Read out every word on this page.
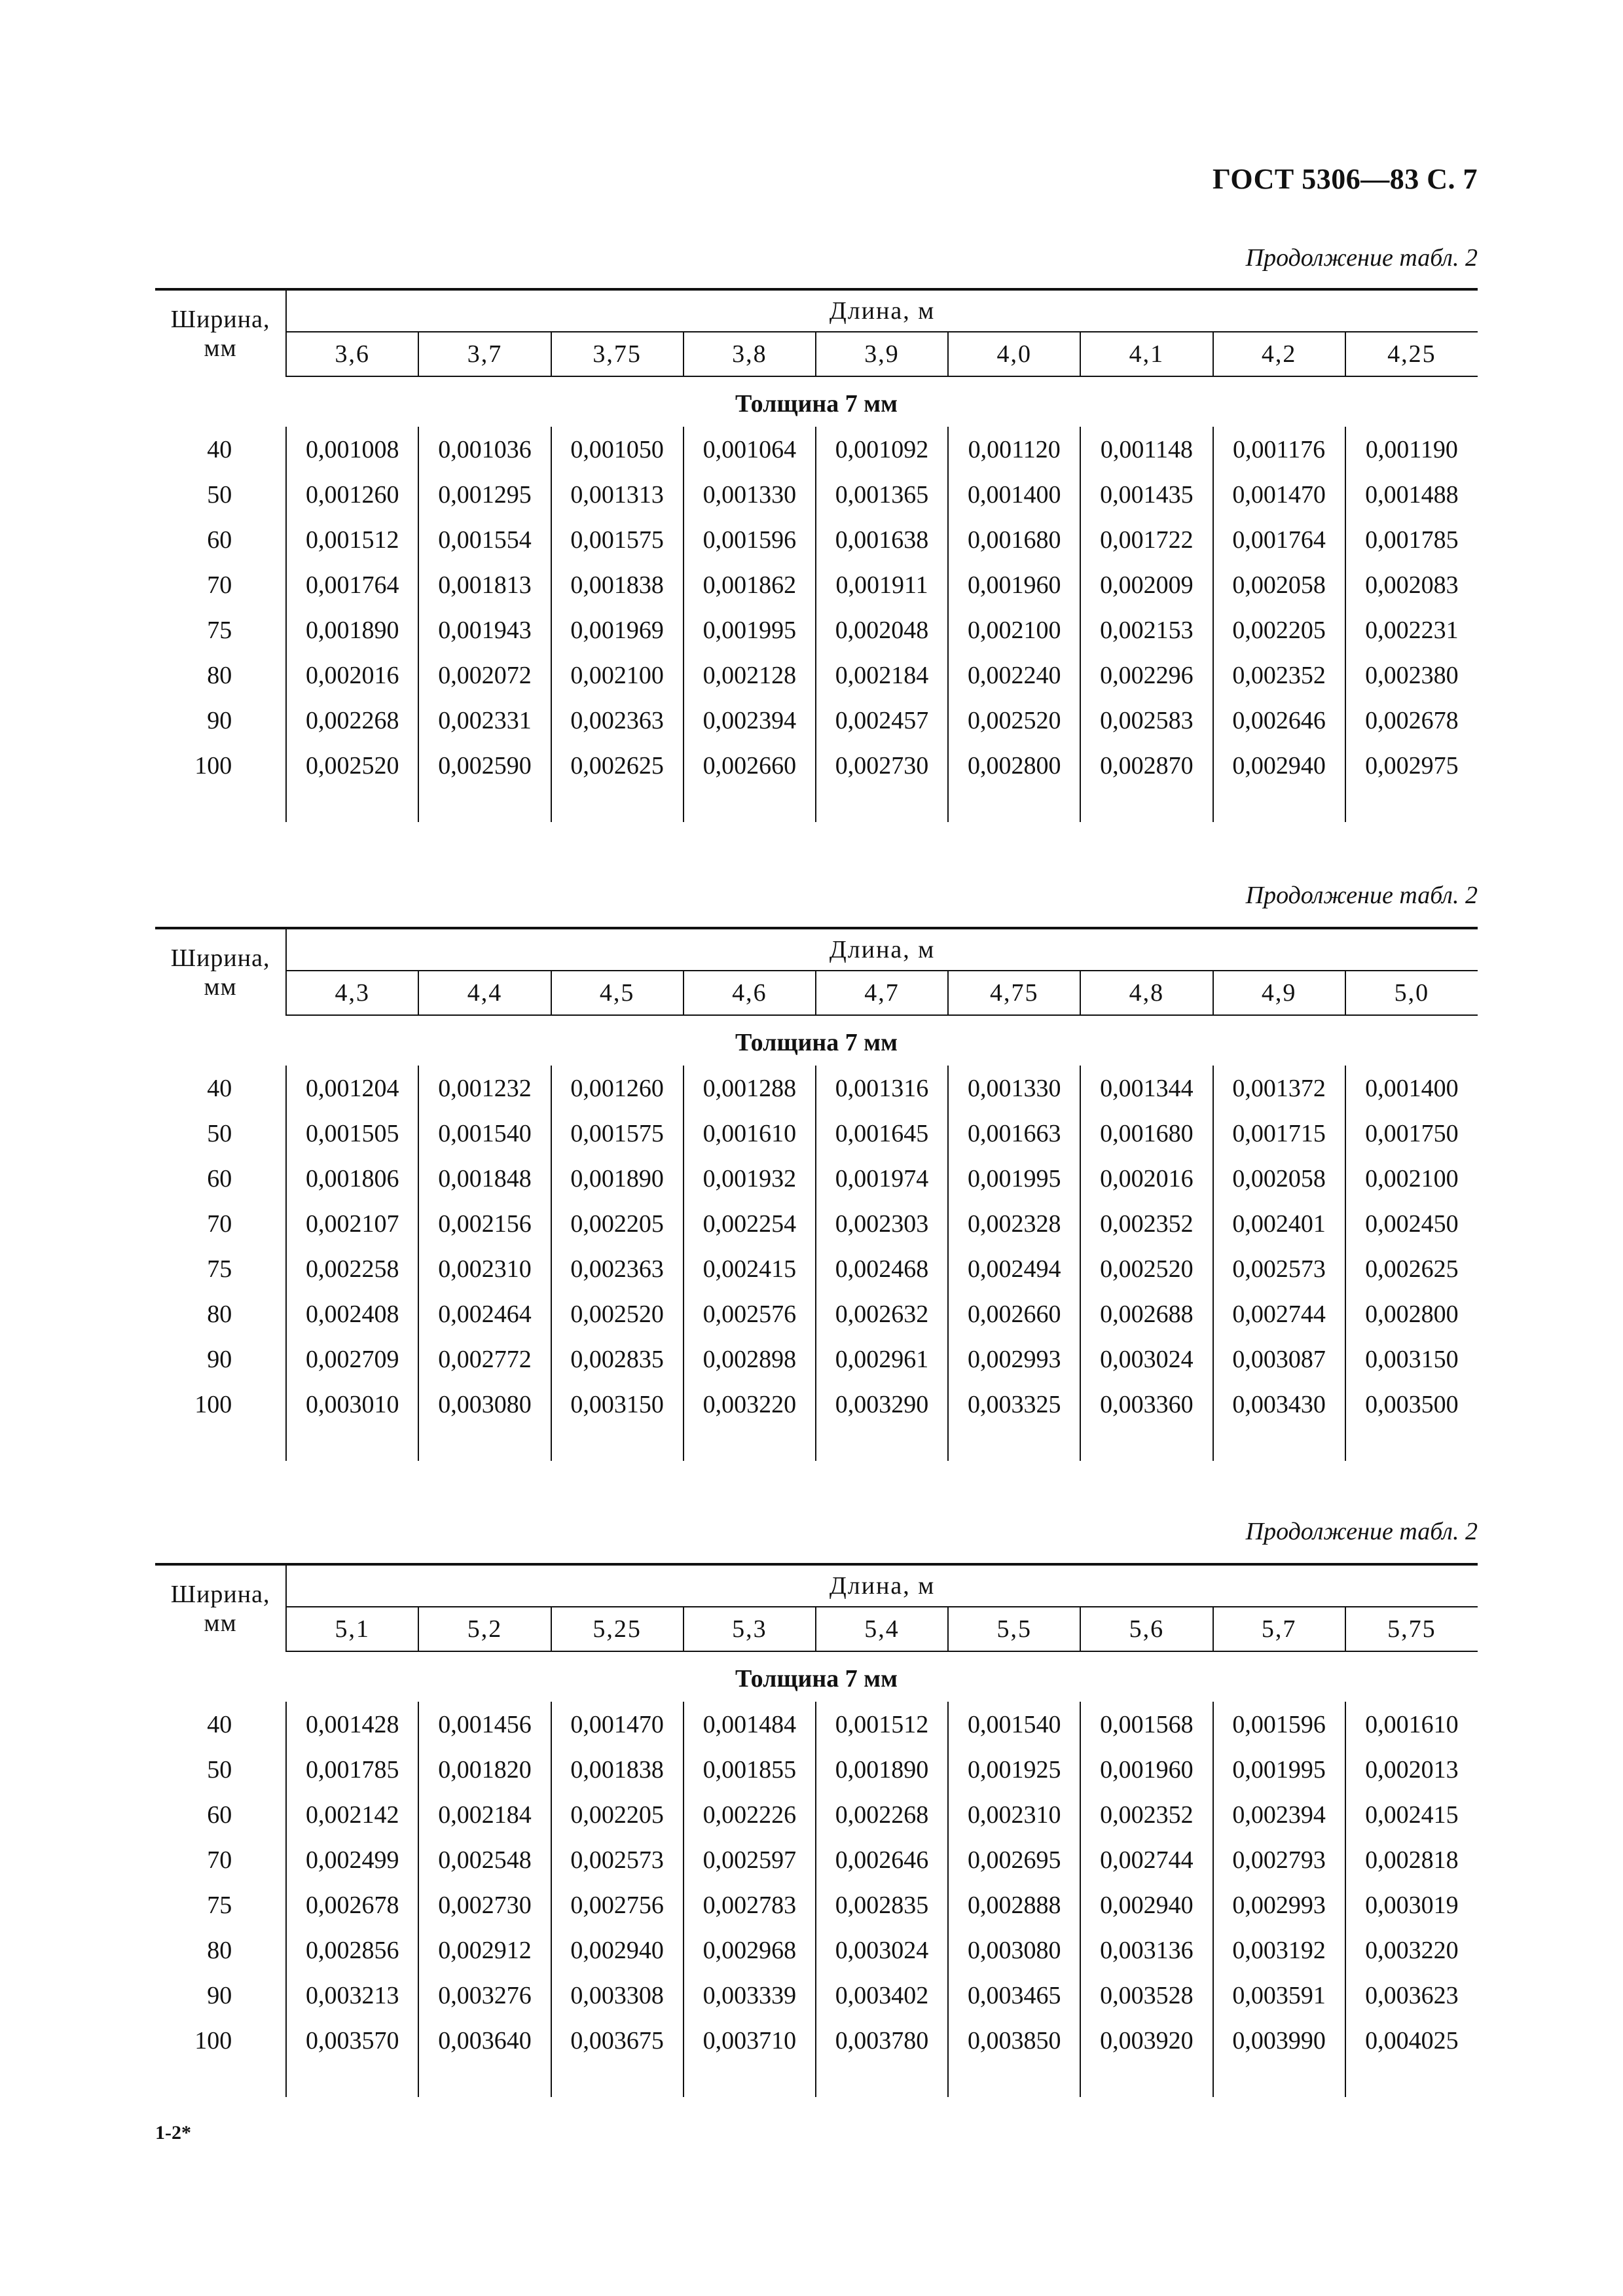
ГОСТ 5306—83 С. 7
Продолжение табл. 2
Ширина,
мм	Длина, м								
	3,6	3,7	3,75	3,8	3,9	4,0	4,1	4,2	4,25
Толщина 7 мм									
40	0,001008	0,001036	0,001050	0,001064	0,001092	0,001120	0,001148	0,001176	0,001190
50	0,001260	0,001295	0,001313	0,001330	0,001365	0,001400	0,001435	0,001470	0,001488
60	0,001512	0,001554	0,001575	0,001596	0,001638	0,001680	0,001722	0,001764	0,001785
70	0,001764	0,001813	0,001838	0,001862	0,001911	0,001960	0,002009	0,002058	0,002083
75	0,001890	0,001943	0,001969	0,001995	0,002048	0,002100	0,002153	0,002205	0,002231
80	0,002016	0,002072	0,002100	0,002128	0,002184	0,002240	0,002296	0,002352	0,002380
90	0,002268	0,002331	0,002363	0,002394	0,002457	0,002520	0,002583	0,002646	0,002678
100	0,002520	0,002590	0,002625	0,002660	0,002730	0,002800	0,002870	0,002940	0,002975

Продолжение табл. 2
Ширина,
мм	Длина, м								
	4,3	4,4	4,5	4,6	4,7	4,75	4,8	4,9	5,0
Толщина 7 мм									
40	0,001204	0,001232	0,001260	0,001288	0,001316	0,001330	0,001344	0,001372	0,001400
50	0,001505	0,001540	0,001575	0,001610	0,001645	0,001663	0,001680	0,001715	0,001750
60	0,001806	0,001848	0,001890	0,001932	0,001974	0,001995	0,002016	0,002058	0,002100
70	0,002107	0,002156	0,002205	0,002254	0,002303	0,002328	0,002352	0,002401	0,002450
75	0,002258	0,002310	0,002363	0,002415	0,002468	0,002494	0,002520	0,002573	0,002625
80	0,002408	0,002464	0,002520	0,002576	0,002632	0,002660	0,002688	0,002744	0,002800
90	0,002709	0,002772	0,002835	0,002898	0,002961	0,002993	0,003024	0,003087	0,003150
100	0,003010	0,003080	0,003150	0,003220	0,003290	0,003325	0,003360	0,003430	0,003500

Продолжение табл. 2
Ширина,
мм	Длина, м								
	5,1	5,2	5,25	5,3	5,4	5,5	5,6	5,7	5,75
Толщина 7 мм									
40	0,001428	0,001456	0,001470	0,001484	0,001512	0,001540	0,001568	0,001596	0,001610
50	0,001785	0,001820	0,001838	0,001855	0,001890	0,001925	0,001960	0,001995	0,002013
60	0,002142	0,002184	0,002205	0,002226	0,002268	0,002310	0,002352	0,002394	0,002415
70	0,002499	0,002548	0,002573	0,002597	0,002646	0,002695	0,002744	0,002793	0,002818
75	0,002678	0,002730	0,002756	0,002783	0,002835	0,002888	0,002940	0,002993	0,003019
80	0,002856	0,002912	0,002940	0,002968	0,003024	0,003080	0,003136	0,003192	0,003220
90	0,003213	0,003276	0,003308	0,003339	0,003402	0,003465	0,003528	0,003591	0,003623
100	0,003570	0,003640	0,003675	0,003710	0,003780	0,003850	0,003920	0,003990	0,004025

1-2*
